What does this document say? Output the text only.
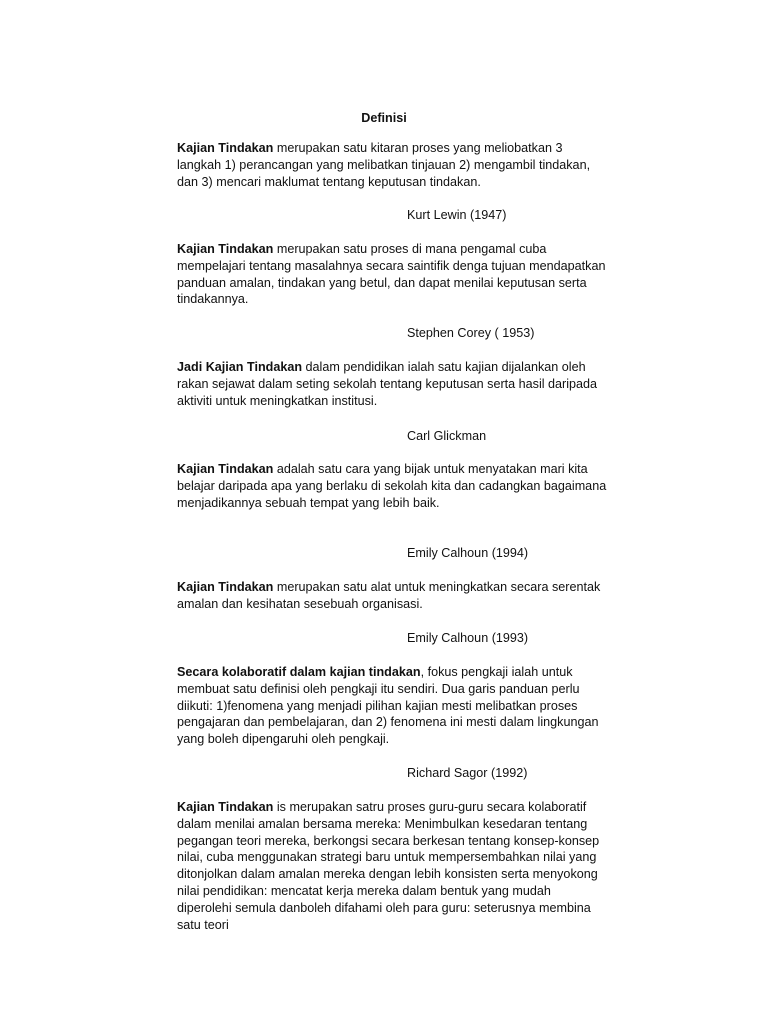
Definisi

Kajian Tindakan merupakan satu kitaran proses yang meliobatkan 3 langkah 1) perancangan yang melibatkan tinjauan 2) mengambil tindakan, dan 3) mencari maklumat tentang keputusan tindakan.

Kurt Lewin (1947)

Kajian Tindakan merupakan satu proses di mana pengamal cuba mempelajari tentang masalahnya secara saintifik denga tujuan mendapatkan panduan amalan, tindakan yang betul, dan dapat menilai keputusan serta tindakannya.

Stephen Corey ( 1953)

Jadi Kajian Tindakan dalam pendidikan ialah satu kajian dijalankan oleh rakan sejawat dalam seting sekolah tentang keputusan serta hasil daripada aktiviti untuk meningkatkan institusi.

Carl Glickman

Kajian Tindakan adalah satu cara yang bijak untuk menyatakan mari kita belajar daripada apa yang berlaku di sekolah kita dan cadangkan bagaimana menjadikannya sebuah tempat yang lebih baik.

Emily Calhoun (1994)

Kajian Tindakan merupakan satu alat untuk meningkatkan secara serentak amalan dan kesihatan sesebuah organisasi.

Emily Calhoun (1993)

Secara kolaboratif dalam kajian tindakan, fokus pengkaji ialah untuk membuat satu definisi oleh pengkaji itu sendiri. Dua garis panduan perlu diikuti: 1)fenomena yang menjadi pilihan kajian mesti melibatkan proses pengajaran dan pembelajaran, dan 2) fenomena ini mesti dalam lingkungan yang boleh dipengaruhi oleh pengkaji.

Richard Sagor (1992)

Kajian Tindakan is merupakan satru proses guru-guru secara kolaboratif dalam menilai amalan bersama mereka: Menimbulkan kesedaran tentang pegangan teori mereka, berkongsi secara berkesan tentang konsep-konsep nilai, cuba menggunakan strategi baru untuk mempersembahkan nilai yang ditonjolkan dalam amalan mereka dengan lebih konsisten serta menyokong nilai pendidikan: mencatat kerja mereka dalam bentuk yang mudah diperolehi semula danboleh difahami oleh para guru: seterusnya membina satu teori
